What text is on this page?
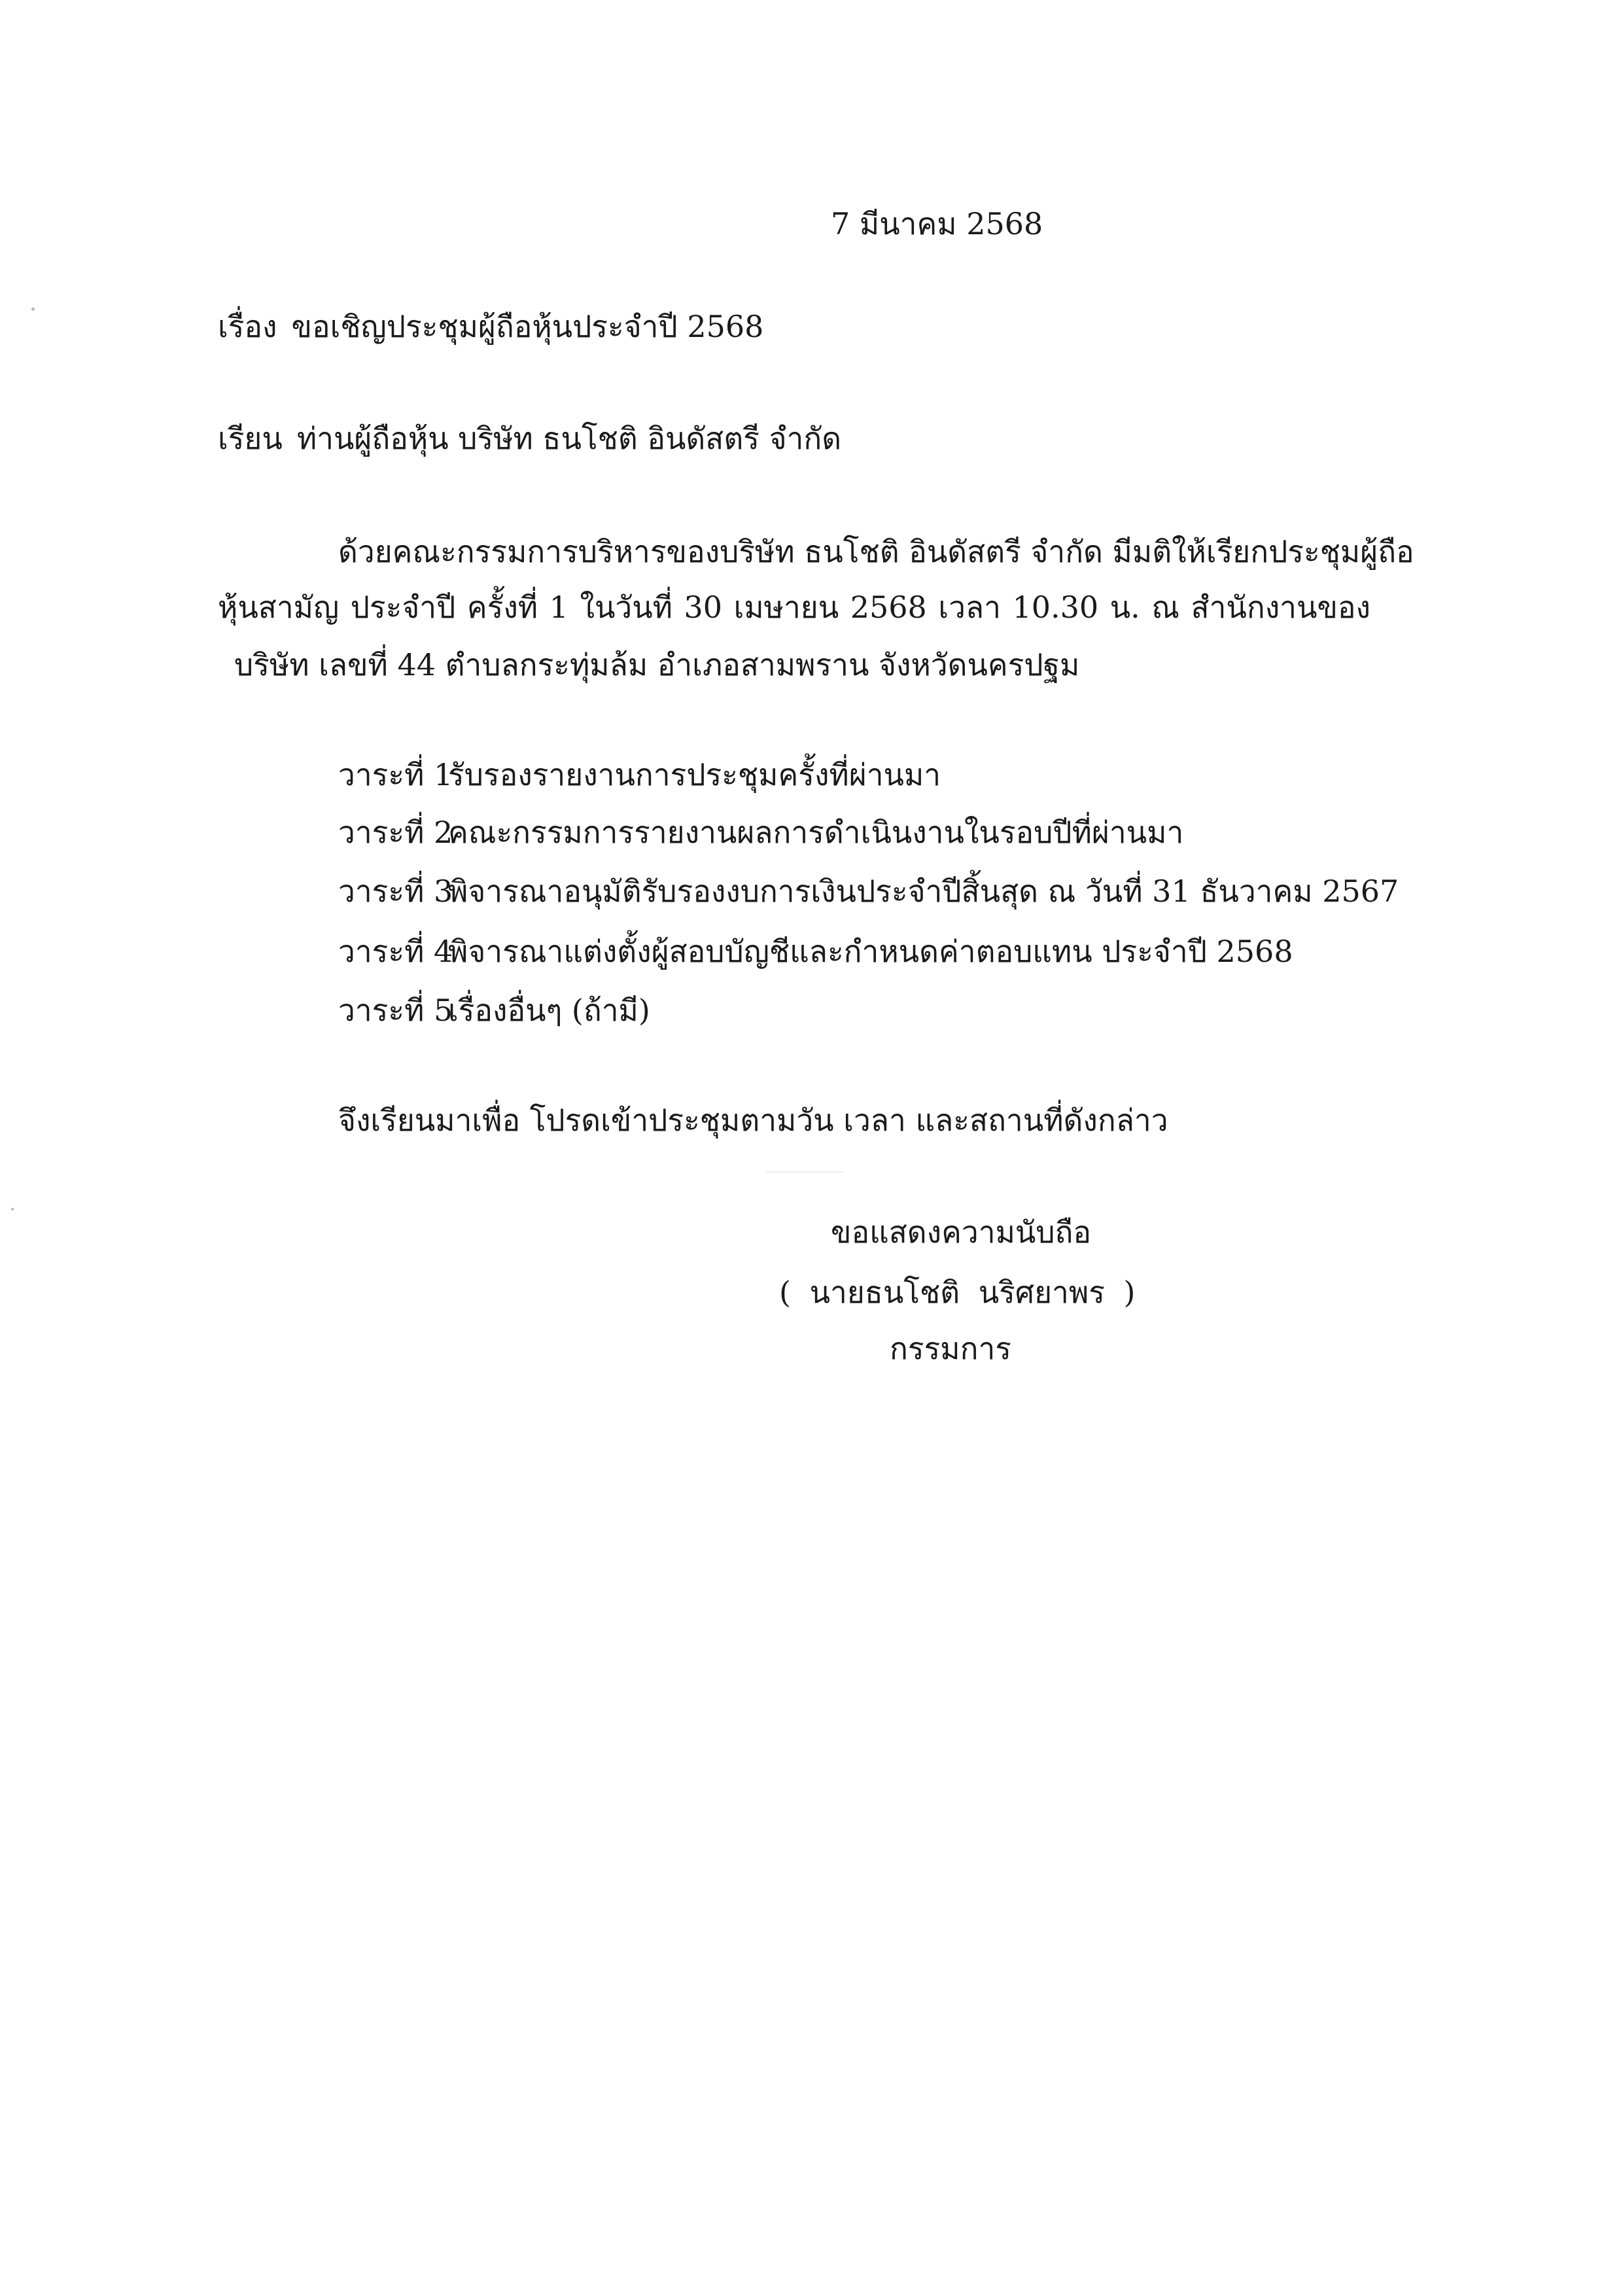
7 มีนาคม 2568
เรื่อง ขอเชิญประชุมผู้ถือหุ้นประจำปี 2568
เรียน ท่านผู้ถือหุ้น บริษัท ธนโชติ อินดัสตรี จำกัด
ด้วยคณะกรรมการบริหารของบริษัท ธนโชติ อินดัสตรี จำกัด มีมติให้เรียกประชุมผู้ถือ
หุ้นสามัญ ประจำปี ครั้งที่ 1 ในวันที่ 30 เมษายน 2568 เวลา 10.30 น. ณ สำนักงานของ
บริษัท เลขที่ 44 ตำบลกระทุ่มล้ม อำเภอสามพราน จังหวัดนครปฐม
วาระที่ 1รับรองรายงานการประชุมครั้งที่ผ่านมา
วาระที่ 2คณะกรรมการรายงานผลการดำเนินงานในรอบปีที่ผ่านมา
วาระที่ 3พิจารณาอนุมัติรับรองงบการเงินประจำปีสิ้นสุด ณ วันที่ 31 ธันวาคม 2567
วาระที่ 4พิจารณาแต่งตั้งผู้สอบบัญชีและกำหนดค่าตอบแทน ประจำปี 2568
วาระที่ 5เรื่องอื่นๆ (ถ้ามี)
จึงเรียนมาเพื่อ โปรดเข้าประชุมตามวัน เวลา และสถานที่ดังกล่าว
ขอแสดงความนับถือ
( นายธนโชติ นริศยาพร )
กรรมการ
